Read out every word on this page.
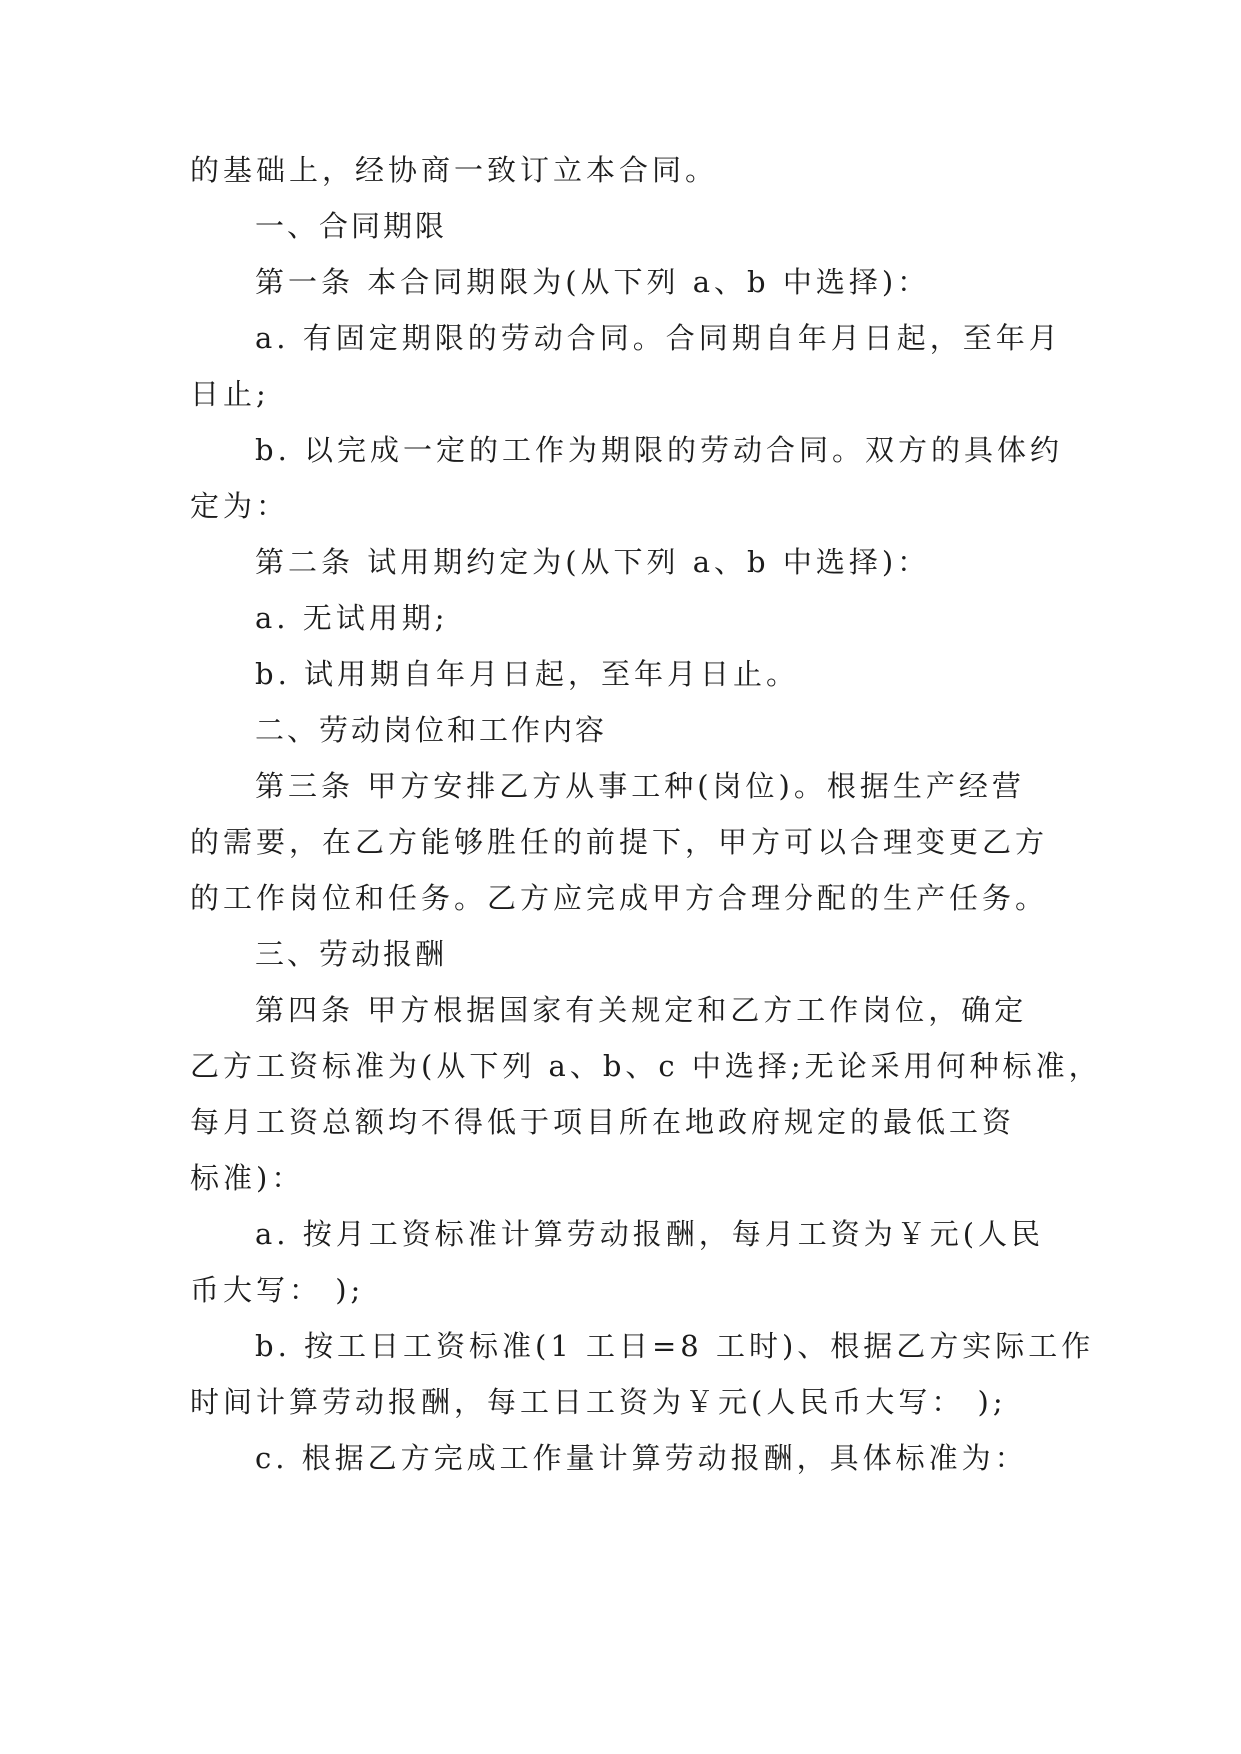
的基础上，经协商一致订立本合同。

一、合同期限

第一条 本合同期限为(从下列 a、b 中选择)：

a. 有固定期限的劳动合同。合同期自年月日起，至年月

日止;

b. 以完成一定的工作为期限的劳动合同。双方的具体约

定为：

第二条 试用期约定为(从下列 a、b 中选择)：

a. 无试用期;

b. 试用期自年月日起，至年月日止。

二、劳动岗位和工作内容

第三条 甲方安排乙方从事工种(岗位)。根据生产经营

的需要，在乙方能够胜任的前提下，甲方可以合理变更乙方

的工作岗位和任务。乙方应完成甲方合理分配的生产任务。

三、劳动报酬

第四条 甲方根据国家有关规定和乙方工作岗位，确定

乙方工资标准为(从下列 a、b、c 中选择;无论采用何种标准，

每月工资总额均不得低于项目所在地政府规定的最低工资

标准)：

a. 按月工资标准计算劳动报酬，每月工资为￥元(人民

币大写： );

b. 按工日工资标准(1 工日=8 工时)、根据乙方实际工作

时间计算劳动报酬，每工日工资为￥元(人民币大写： );

c. 根据乙方完成工作量计算劳动报酬，具体标准为：
